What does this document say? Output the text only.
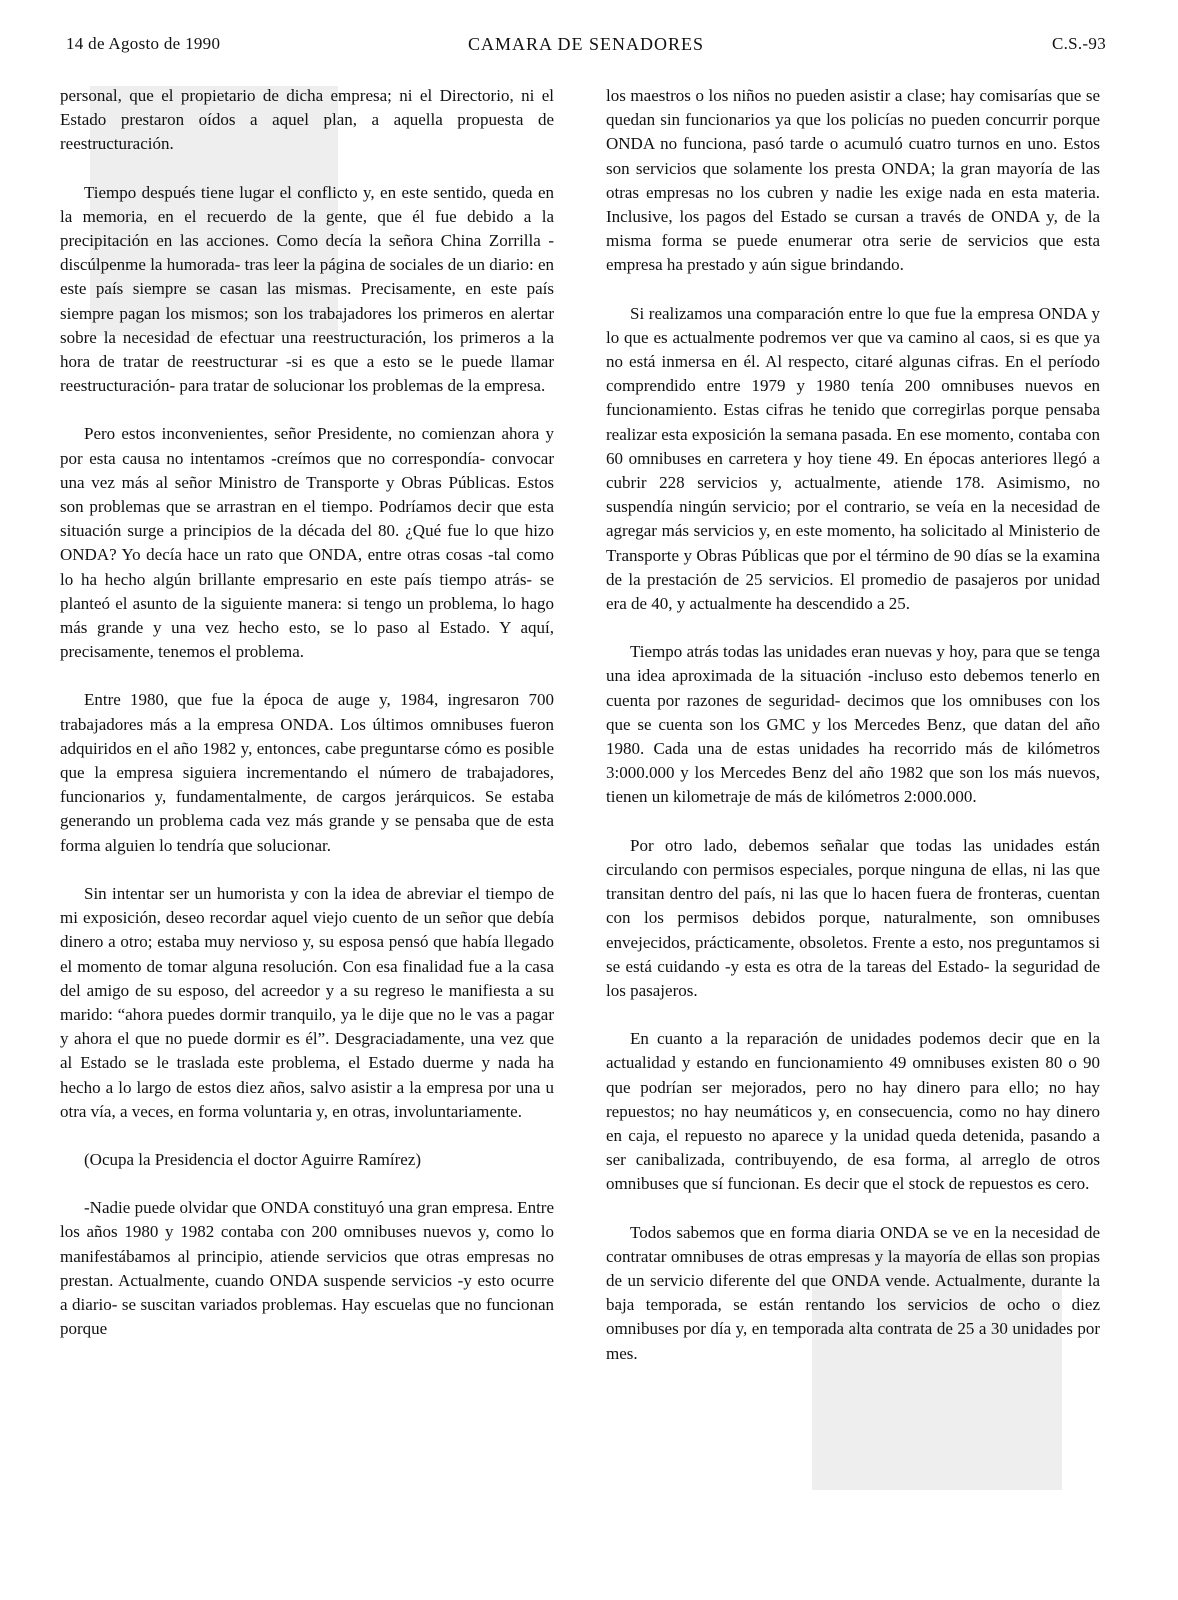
14 de Agosto de 1990	CAMARA DE SENADORES	C.S.-93

personal, que el propietario de dicha empresa; ni el Directorio, ni el Estado prestaron oídos a aquel plan, a aquella propuesta de reestructuración.

Tiempo después tiene lugar el conflicto y, en este sentido, queda en la memoria, en el recuerdo de la gente, que él fue debido a la precipitación en las acciones. Como decía la señora China Zorrilla -discúlpenme la humorada- tras leer la página de sociales de un diario: en este país siempre se casan las mismas. Precisamente, en este país siempre pagan los mismos; son los trabajadores los primeros en alertar sobre la necesidad de efectuar una reestructuración, los primeros a la hora de tratar de reestructurar -si es que a esto se le puede llamar reestructuración- para tratar de solucionar los problemas de la empresa.

Pero estos inconvenientes, señor Presidente, no comienzan ahora y por esta causa no intentamos -creímos que no correspondía- convocar una vez más al señor Ministro de Transporte y Obras Públicas. Estos son problemas que se arrastran en el tiempo. Podríamos decir que esta situación surge a principios de la década del 80. ¿Qué fue lo que hizo ONDA? Yo decía hace un rato que ONDA, entre otras cosas -tal como lo ha hecho algún brillante empresario en este país tiempo atrás- se planteó el asunto de la siguiente manera: si tengo un problema, lo hago más grande y una vez hecho esto, se lo paso al Estado. Y aquí, precisamente, tenemos el problema.

Entre 1980, que fue la época de auge y, 1984, ingresaron 700 trabajadores más a la empresa ONDA. Los últimos omnibuses fueron adquiridos en el año 1982 y, entonces, cabe preguntarse cómo es posible que la empresa siguiera incrementando el número de trabajadores, funcionarios y, fundamentalmente, de cargos jerárquicos. Se estaba generando un problema cada vez más grande y se pensaba que de esta forma alguien lo tendría que solucionar.

Sin intentar ser un humorista y con la idea de abreviar el tiempo de mi exposición, deseo recordar aquel viejo cuento de un señor que debía dinero a otro; estaba muy nervioso y, su esposa pensó que había llegado el momento de tomar alguna resolución. Con esa finalidad fue a la casa del amigo de su esposo, del acreedor y a su regreso le manifiesta a su marido: “ahora puedes dormir tranquilo, ya le dije que no le vas a pagar y ahora el que no puede dormir es él”. Desgraciadamente, una vez que al Estado se le traslada este problema, el Estado duerme y nada ha hecho a lo largo de estos diez años, salvo asistir a la empresa por una u otra vía, a veces, en forma voluntaria y, en otras, involuntariamente.

(Ocupa la Presidencia el doctor Aguirre Ramírez)

-Nadie puede olvidar que ONDA constituyó una gran empresa. Entre los años 1980 y 1982 contaba con 200 omnibuses nuevos y, como lo manifestábamos al principio, atiende servicios que otras empresas no prestan. Actualmente, cuando ONDA suspende servicios -y esto ocurre a diario- se suscitan variados problemas. Hay escuelas que no funcionan porque

los maestros o los niños no pueden asistir a clase; hay comisarías que se quedan sin funcionarios ya que los policías no pueden concurrir porque ONDA no funciona, pasó tarde o acumuló cuatro turnos en uno. Estos son servicios que solamente los presta ONDA; la gran mayoría de las otras empresas no los cubren y nadie les exige nada en esta materia. Inclusive, los pagos del Estado se cursan a través de ONDA y, de la misma forma se puede enumerar otra serie de servicios que esta empresa ha prestado y aún sigue brindando.

Si realizamos una comparación entre lo que fue la empresa ONDA y lo que es actualmente podremos ver que va camino al caos, si es que ya no está inmersa en él. Al respecto, citaré algunas cifras. En el período comprendido entre 1979 y 1980 tenía 200 omnibuses nuevos en funcionamiento. Estas cifras he tenido que corregirlas porque pensaba realizar esta exposición la semana pasada. En ese momento, contaba con 60 omnibuses en carretera y hoy tiene 49. En épocas anteriores llegó a cubrir 228 servicios y, actualmente, atiende 178. Asimismo, no suspendía ningún servicio; por el contrario, se veía en la necesidad de agregar más servicios y, en este momento, ha solicitado al Ministerio de Transporte y Obras Públicas que por el término de 90 días se la examina de la prestación de 25 servicios. El promedio de pasajeros por unidad era de 40, y actualmente ha descendido a 25.

Tiempo atrás todas las unidades eran nuevas y hoy, para que se tenga una idea aproximada de la situación -incluso esto debemos tenerlo en cuenta por razones de seguridad- decimos que los omnibuses con los que se cuenta son los GMC y los Mercedes Benz, que datan del año 1980. Cada una de estas unidades ha recorrido más de kilómetros 3:000.000 y los Mercedes Benz del año 1982 que son los más nuevos, tienen un kilometraje de más de kilómetros 2:000.000.

Por otro lado, debemos señalar que todas las unidades están circulando con permisos especiales, porque ninguna de ellas, ni las que transitan dentro del país, ni las que lo hacen fuera de fronteras, cuentan con los permisos debidos porque, naturalmente, son omnibuses envejecidos, prácticamente, obsoletos. Frente a esto, nos preguntamos si se está cuidando -y esta es otra de la tareas del Estado- la seguridad de los pasajeros.

En cuanto a la reparación de unidades podemos decir que en la actualidad y estando en funcionamiento 49 omnibuses existen 80 o 90 que podrían ser mejorados, pero no hay dinero para ello; no hay repuestos; no hay neumáticos y, en consecuencia, como no hay dinero en caja, el repuesto no aparece y la unidad queda detenida, pasando a ser canibalizada, contribuyendo, de esa forma, al arreglo de otros omnibuses que sí funcionan. Es decir que el stock de repuestos es cero.

Todos sabemos que en forma diaria ONDA se ve en la necesidad de contratar omnibuses de otras empresas y la mayoría de ellas son propias de un servicio diferente del que ONDA vende. Actualmente, durante la baja temporada, se están rentando los servicios de ocho o diez omnibuses por día y, en temporada alta contrata de 25 a 30 unidades por mes.
